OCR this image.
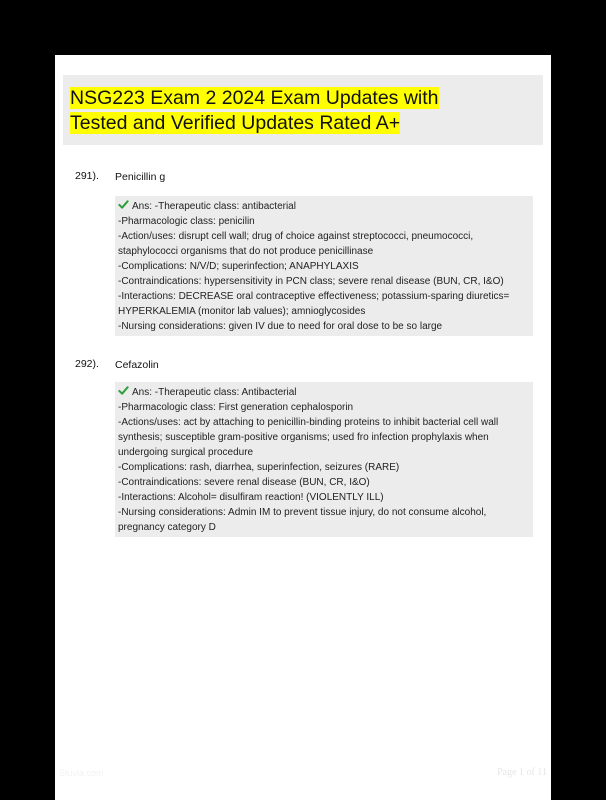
NSG223 Exam 2 2024 Exam Updates with
Tested and Verified Updates Rated A+
291). Penicillin g

Ans: -Therapeutic class: antibacterial

-Pharmacologic class: penicilin

-Action/uses: disrupt cell wall; drug of choice against streptococci, pneumococci,

staphylococci organisms that do not produce penicillinase

-Complications: N/V/D; superinfection; ANAPHYLAXIS

-Contraindications: hypersensitivity in PCN class; severe renal disease (BUN, CR, I&O)

-Interactions: DECREASE oral contraceptive effectiveness; potassium-sparing diuretics=

HYPERKALEMIA (monitor lab values); amnioglycosides

-Nursing considerations: given IV due to need for oral dose to be so large

292). Cefazolin

Ans: -Therapeutic class: Antibacterial

-Pharmacologic class: First generation cephalosporin

-Actions/uses: act by attaching to penicillin-binding proteins to inhibit bacterial cell wall

synthesis; susceptible gram-positive organisms; used fro infection prophylaxis when

undergoing surgical procedure

-Complications: rash, diarrhea, superinfection, seizures (RARE)

-Contraindications: severe renal disease (BUN, CR, I&O)

-Interactions: Alcohol= disulfiram reaction! (VIOLENTLY ILL)

-Nursing considerations: Admin IM to prevent tissue injury, do not consume alcohol,

pregnancy category D

Stuvia.com	Page 1 of 11
